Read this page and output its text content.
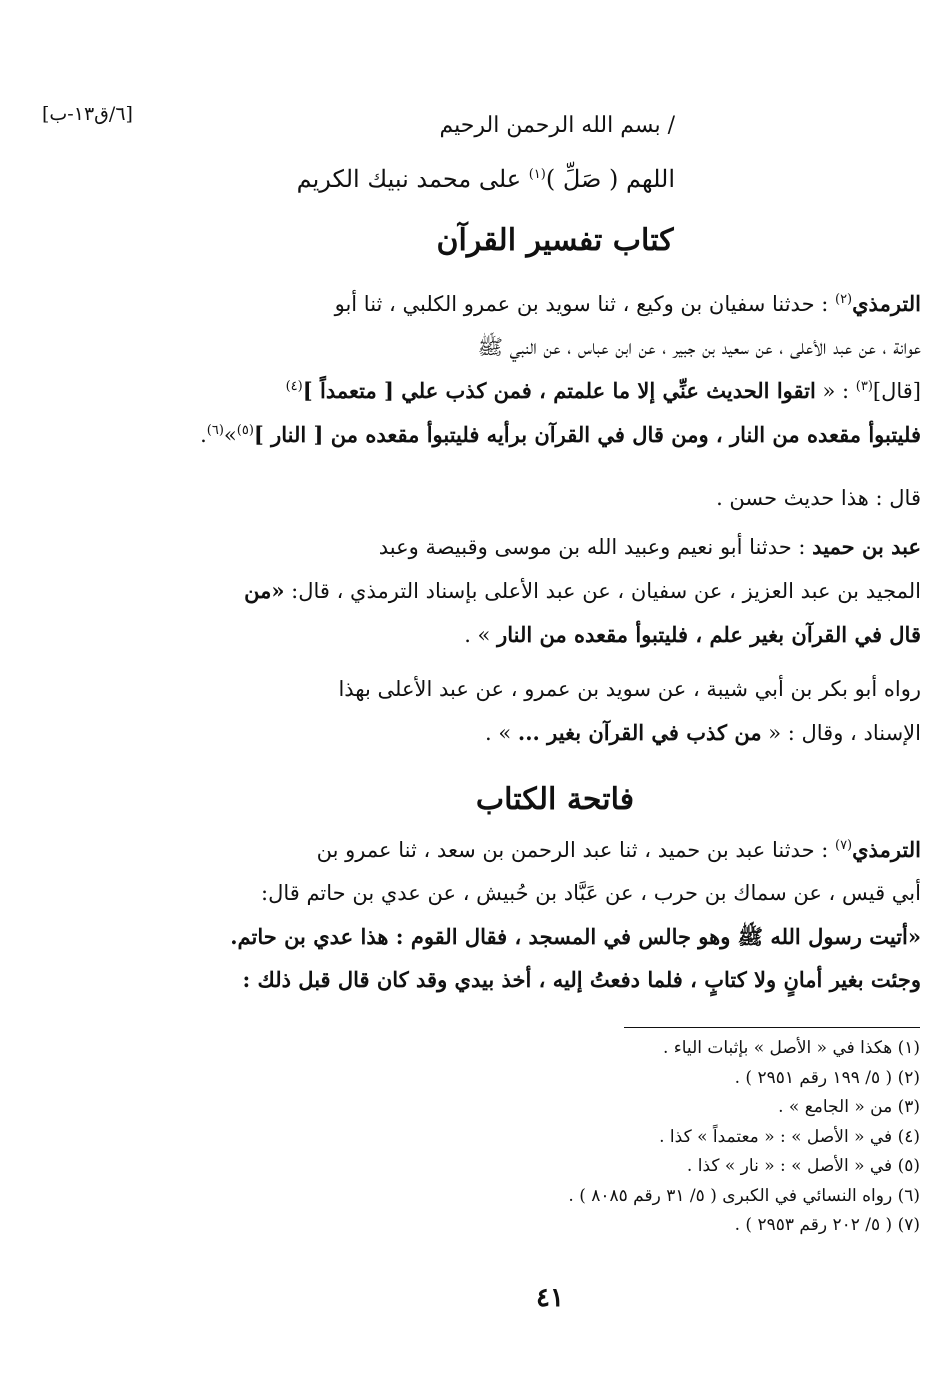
[٦/ق١٣-ب]	/ بسم الله الرحمن الرحيم
اللهم ( صَلِّ )$^{(١)}$ على محمد نبيك الكريم
كتاب تفسير القرآن
الترمذي$^{(٢)}$ : حدثنا سفيان بن وكيع ، ثنا سويد بن عمرو الكلبي ، ثنا أبو
عوانة ، عن عبد الأعلى ، عن سعيد بن جبير ، عن ابن عباس ، عن النبي ﷺ
[قال]$^{(٣)}$ : « اتقوا الحديث عنِّي إلا ما علمتم ، فمن كذب علي [ متعمداً ]$^{(٤)}$
فليتبوأ مقعده من النار ، ومن قال في القرآن برأيه فليتبوأ مقعده من [ النار ]$^{(٥)}$»$^{(٦)}$.
قال : هذا حديث حسن .
عبد بن حميد : حدثنا أبو نعيم وعبيد الله بن موسى وقبيصة وعبد
المجيد بن عبد العزيز ، عن سفيان ، عن عبد الأعلى بإسناد الترمذي ، قال: «من
قال في القرآن بغير علم ، فليتبوأ مقعده من النار » .
رواه أبو بكر بن أبي شيبة ، عن سويد بن عمرو ، عن عبد الأعلى بهذا
الإسناد ، وقال : « من كذب في القرآن بغير ... » .
فاتحة الكتاب
الترمذي$^{(٧)}$ : حدثنا عبد بن حميد ، ثنا عبد الرحمن بن سعد ، ثنا عمرو بن
أبي قيس ، عن سماك بن حرب ، عن عَبَّاد بن حُبيش ، عن عدي بن حاتم قال:
«أتيت رسول الله ﷺ وهو جالس في المسجد ، فقال القوم : هذا عدي بن حاتم.
وجئت بغير أمانٍ ولا كتابٍ ، فلما دفعتُ إليه ، أخذ بيدي وقد كان قال قبل ذلك :
(١) هكذا في « الأصل » بإثبات الياء .
(٢) ( ٥/ ١٩٩ رقم ٢٩٥١ ) .
(٣) من « الجامع » .
(٤) في « الأصل » : « معتمداً » كذا .
(٥) في « الأصل » : « نار » كذا .
(٦) رواه النسائي في الكبرى ( ٥/ ٣١ رقم ٨٠٨٥ ) .
(٧) ( ٥/ ٢٠٢ رقم ٢٩٥٣ ) .
٤١
